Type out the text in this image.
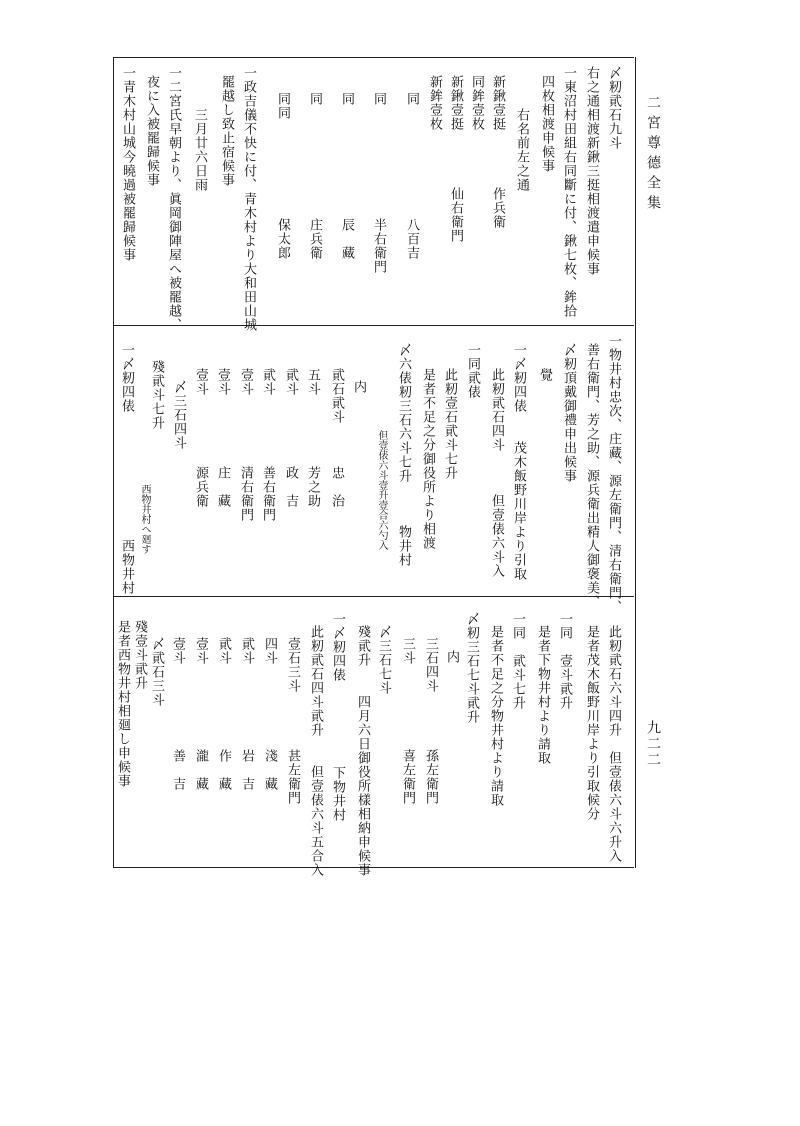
二宮尊德全集
九二二
〆籾貮石九斗
右之通相渡新鍬三挺相渡遣申候事
一東沼村田組右同斷に付、鍬七枚、鉾拾
四枚相渡申候事
右名前左之通
新鍬壹挺　　　　作兵衛
同鉾壹枚
新鍬壹挺　　　　仙右衛門
新鉾壹枚
同　　　　　　　　八百吉
同　　　　　　　　半右衛門
同　　　　　　　　辰　藏
同　　　　　　　　庄兵衛
同同　　　　　　　保太郎
一政吉儀不快に付、青木村より大和田山城
罷越し致止宿候事
三月廿六日雨
一二宮氏早朝より、眞岡御陣屋へ被罷越、
夜に入被罷歸候事
一青木村山城今曉過被罷歸候事
一物井村忠次、庄藏、源左衛門、清右衛門、
善右衛門、芳之助、源兵衛出精人御褒美、
〆籾頂戴御禮申出候事
覺
一〆籾四俵　　茂木飯野川岸より引取
此籾貮石四斗　　　但壹俵六斗入
一同貮俵
此籾壹石貮斗七升
是者不足之分御役所より相渡
〆六俵籾三石六斗七升　　　物井村
但壹俵六斗壹升壹合六勺入
内
貮石貮斗　　　忠　治
五斗　　　　　芳之助
貮斗　　　　　政　吉
貮斗　　　　　善右衛門
壹斗　　　　　清右衛門
壹斗　　　　　庄　藏
壹斗　　　　　源兵衛
〆三石四斗
殘貮斗七升
西物井村へ廻す
一〆籾四俵　　　　　　　　　西物井村
此籾貮石六斗四升　但壹俵六斗六升入
是者茂木飯野川岸より引取候分
一同　壹斗貮升
是者下物井村より請取
一同　貮斗七升
是者不足之分物井村より請取
〆籾三石七斗貮升
内
三石四斗　　　　孫左衛門
三斗　　　　　　喜左衛門
〆三石七斗
殘貮升　　四月六日御役所樣相納申候事
一〆籾四俵　　　　　　下物井村
此籾貮石四斗貮升　　但壹俵六斗五合入
壹石三斗　　　　甚左衛門
四斗　　　　　　淺　藏
貮斗　　　　　　岩　吉
貮斗　　　　　　作　藏
壹斗　　　　　　瀧　藏
壹斗　　　　　　善　吉
〆貮石三斗
殘壹斗貮升
是者西物井村相廻し申候事
